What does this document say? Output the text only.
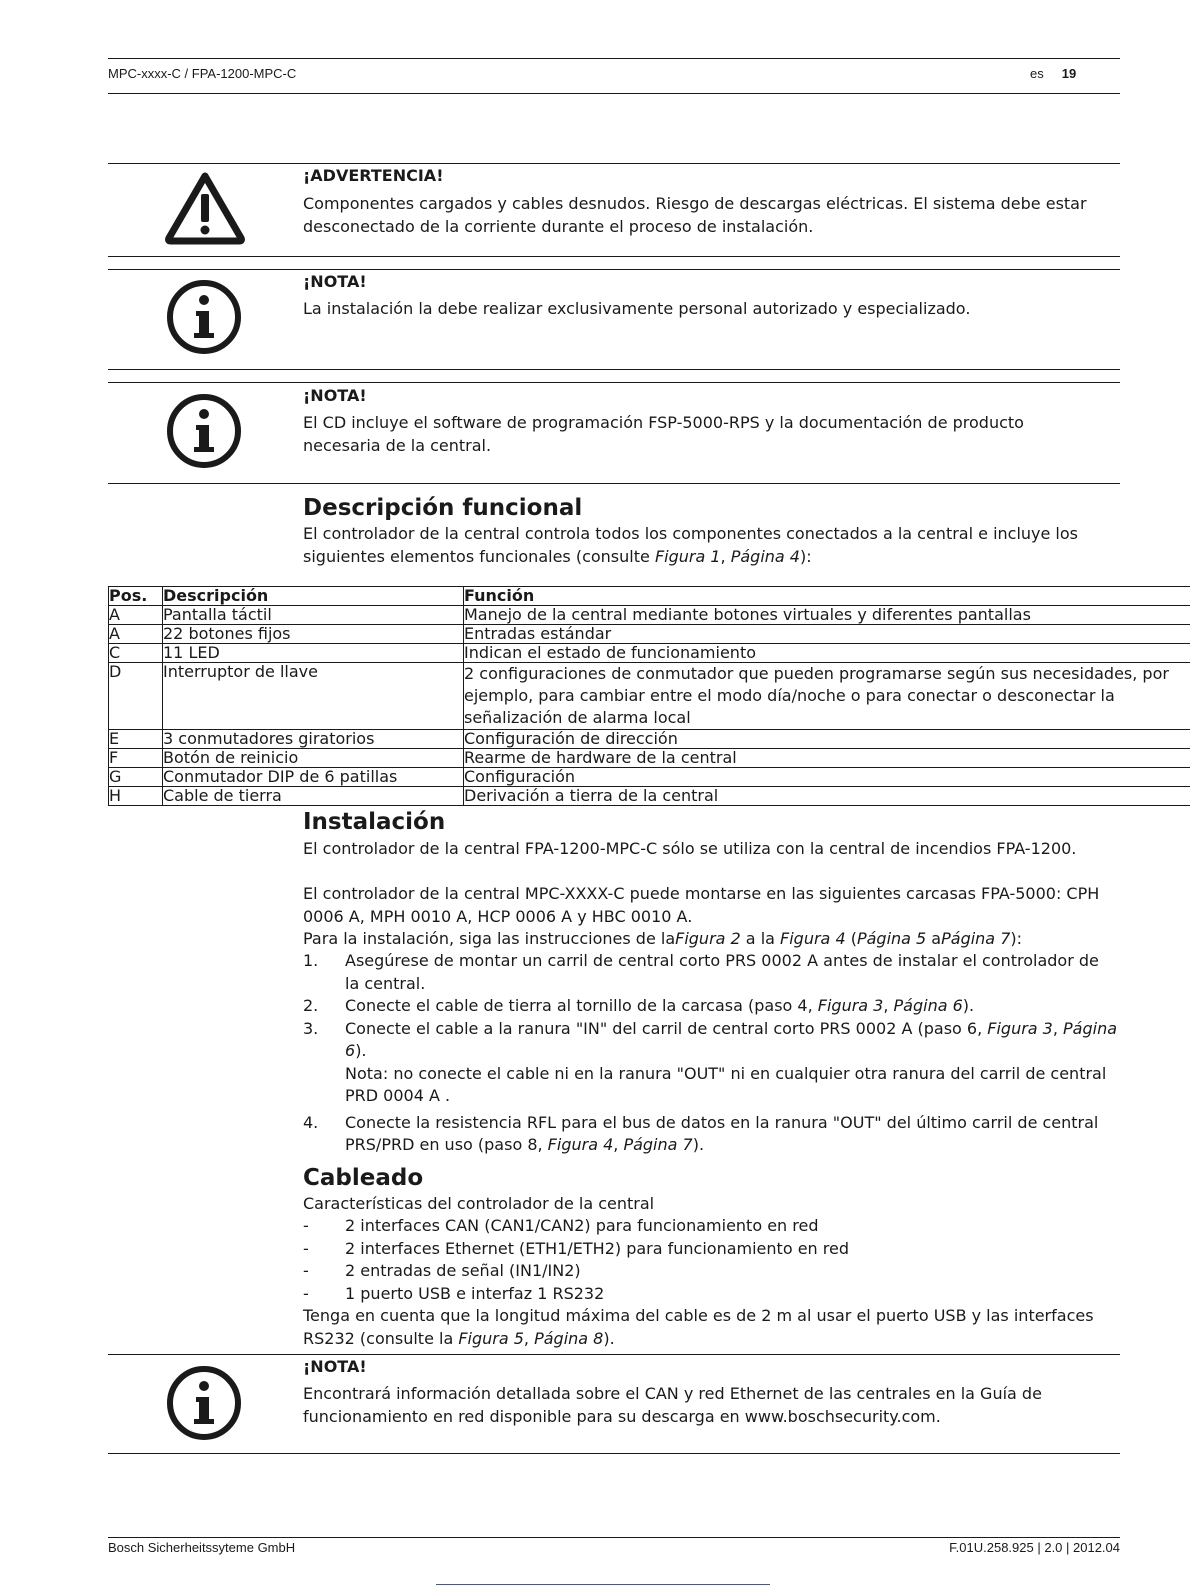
MPC-xxxx-C / FPA-1200-MPC-C	es 19
¡ADVERTENCIA!
Componentes cargados y cables desnudos. Riesgo de descargas eléctricas. El sistema debe estar desconectado de la corriente durante el proceso de instalación.
¡NOTA!
La instalación la debe realizar exclusivamente personal autorizado y especializado.
¡NOTA!
El CD incluye el software de programación FSP-5000-RPS y la documentación de producto necesaria de la central.
Descripción funcional

El controlador de la central controla todos los componentes conectados a la central e incluye los siguientes elementos funcionales (consulte Figura 1, Página 4):

Pos.	Descripción	Función
A	Pantalla táctil	Manejo de la central mediante botones virtuales y diferentes pantallas
A	22 botones fijos	Entradas estándar
C	11 LED	Indican el estado de funcionamiento
D	Interruptor de llave	2 configuraciones de conmutador que pueden programarse según sus necesidades, por ejemplo, para cambiar entre el modo día/noche o para conectar o desconectar la señalización de alarma local
E	3 conmutadores giratorios	Configuración de dirección
F	Botón de reinicio	Rearme de hardware de la central
G	Conmutador DIP de 6 patillas	Configuración
H	Cable de tierra	Derivación a tierra de la central
Instalación

El controlador de la central FPA-1200-MPC-C sólo se utiliza con la central de incendios FPA-1200.

El controlador de la central MPC-XXXX-C puede montarse en las siguientes carcasas FPA-5000: CPH 0006 A, MPH 0010 A, HCP 0006 A y HBC 0010 A.

Para la instalación, siga las instrucciones de laFigura 2 a la Figura 4 (Página 5 aPágina 7):

1. Asegúrese de montar un carril de central corto PRS 0002 A antes de instalar el controlador de la central.
2. Conecte el cable de tierra al tornillo de la carcasa (paso 4, Figura 3, Página 6).
3. Conecte el cable a la ranura "IN" del carril de central corto PRS 0002 A (paso 6, Figura 3, Página 6).
Nota: no conecte el cable ni en la ranura "OUT" ni en cualquier otra ranura del carril de central PRD 0004 A .
4. Conecte la resistencia RFL para el bus de datos en la ranura "OUT" del último carril de central PRS/PRD en uso (paso 8, Figura 4, Página 7).
Cableado

Características del controlador de la central

- 2 interfaces CAN (CAN1/CAN2) para funcionamiento en red
- 2 interfaces Ethernet (ETH1/ETH2) para funcionamiento en red
- 2 entradas de señal (IN1/IN2)
- 1 puerto USB e interfaz 1 RS232

Tenga en cuenta que la longitud máxima del cable es de 2 m al usar el puerto USB y las interfaces RS232 (consulte la Figura 5, Página 8).

¡NOTA!
Encontrará información detallada sobre el CAN y red Ethernet de las centrales en la Guía de funcionamiento en red disponible para su descarga en www.boschsecurity.com.
Bosch Sicherheitssyteme GmbH	F.01U.258.925 | 2.0 | 2012.04
